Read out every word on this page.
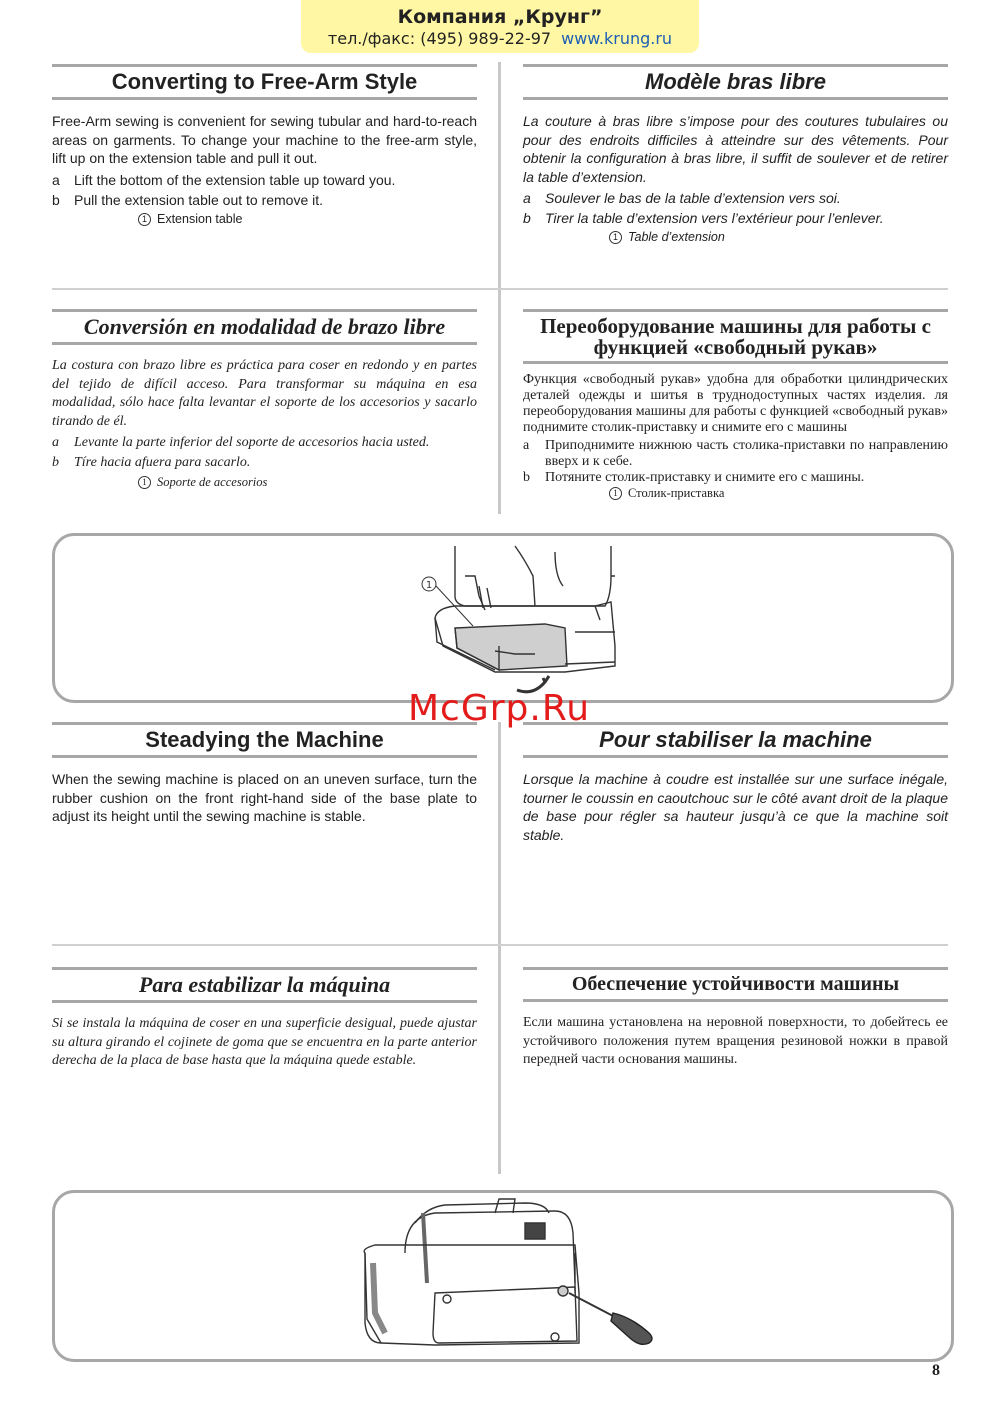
Компания „Крунг”
тел./факс: (495) 989-22-97 www.krung.ru
Converting to Free-Arm Style

Free-Arm sewing is convenient for sewing tubular and hard-to-reach areas on garments. To change your machine to the free-arm style, lift up on the extension table and pull it out.

a	Lift the bottom of the extension table up toward you.
b	Pull the extension table out to remove it.
1 Extension table
Modèle bras libre

La couture à bras libre s’impose pour des coutures tubulaires ou pour des endroits difficiles à atteindre sur des vêtements. Pour obtenir la configuration à bras libre, il suffit de soulever et de retirer la table d’extension.

a	Soulever le bas de la table d’extension vers soi.
b	Tirer la table d’extension vers l’extérieur pour l’enlever.
1 Table d’extension
Conversión en modalidad de brazo libre

La costura con brazo libre es práctica para coser en redondo y en partes del tejido de difícil acceso. Para transformar su máquina en esa modalidad, sólo hace falta levantar el soporte de los accesorios y sacarlo tirando de él.

a	Levante la parte inferior del soporte de accesorios hacia usted.
b	Tíre hacia afuera para sacarlo.
1 Soporte de accesorios
Переоборудование машины для работы с функцией «свободный рукав»

Функция «свободный рукав» удобна для обработки цилиндрических деталей одежды и шитья в труднодоступных частях изделия. ля переоборудования машины для работы с функцией «свободный рукав» поднимите столик-приставку и снимите его с машины

a	Приподнимите нижнюю часть столика-приставки по направлению вверх и к себе.
b	Потяните столик-приставку и снимите его с машины.
1 Столик-приставка
1
McGrp.Ru
Steadying the Machine

When the sewing machine is placed on an uneven surface, turn the rubber cushion on the front right-hand side of the base plate to adjust its height until the sewing machine is stable.

Pour stabiliser la machine

Lorsque la machine à coudre est installée sur une surface inégale, tourner le coussin en caoutchouc sur le côté avant droit de la plaque de base pour régler sa hauteur jusqu’à ce que la machine soit stable.

Para estabilizar la máquina

Si se instala la máquina de coser en una superficie desigual, puede ajustar su altura girando el cojinete de goma que se encuentra en la parte anterior derecha de la placa de base hasta que la máquina quede estable.

Обеспечение устойчивости машины

Если машина установлена на неровной поверхности, то добейтесь ее устойчивого положения путем вращения резиновой ножки в правой передней части основания машины.

8
